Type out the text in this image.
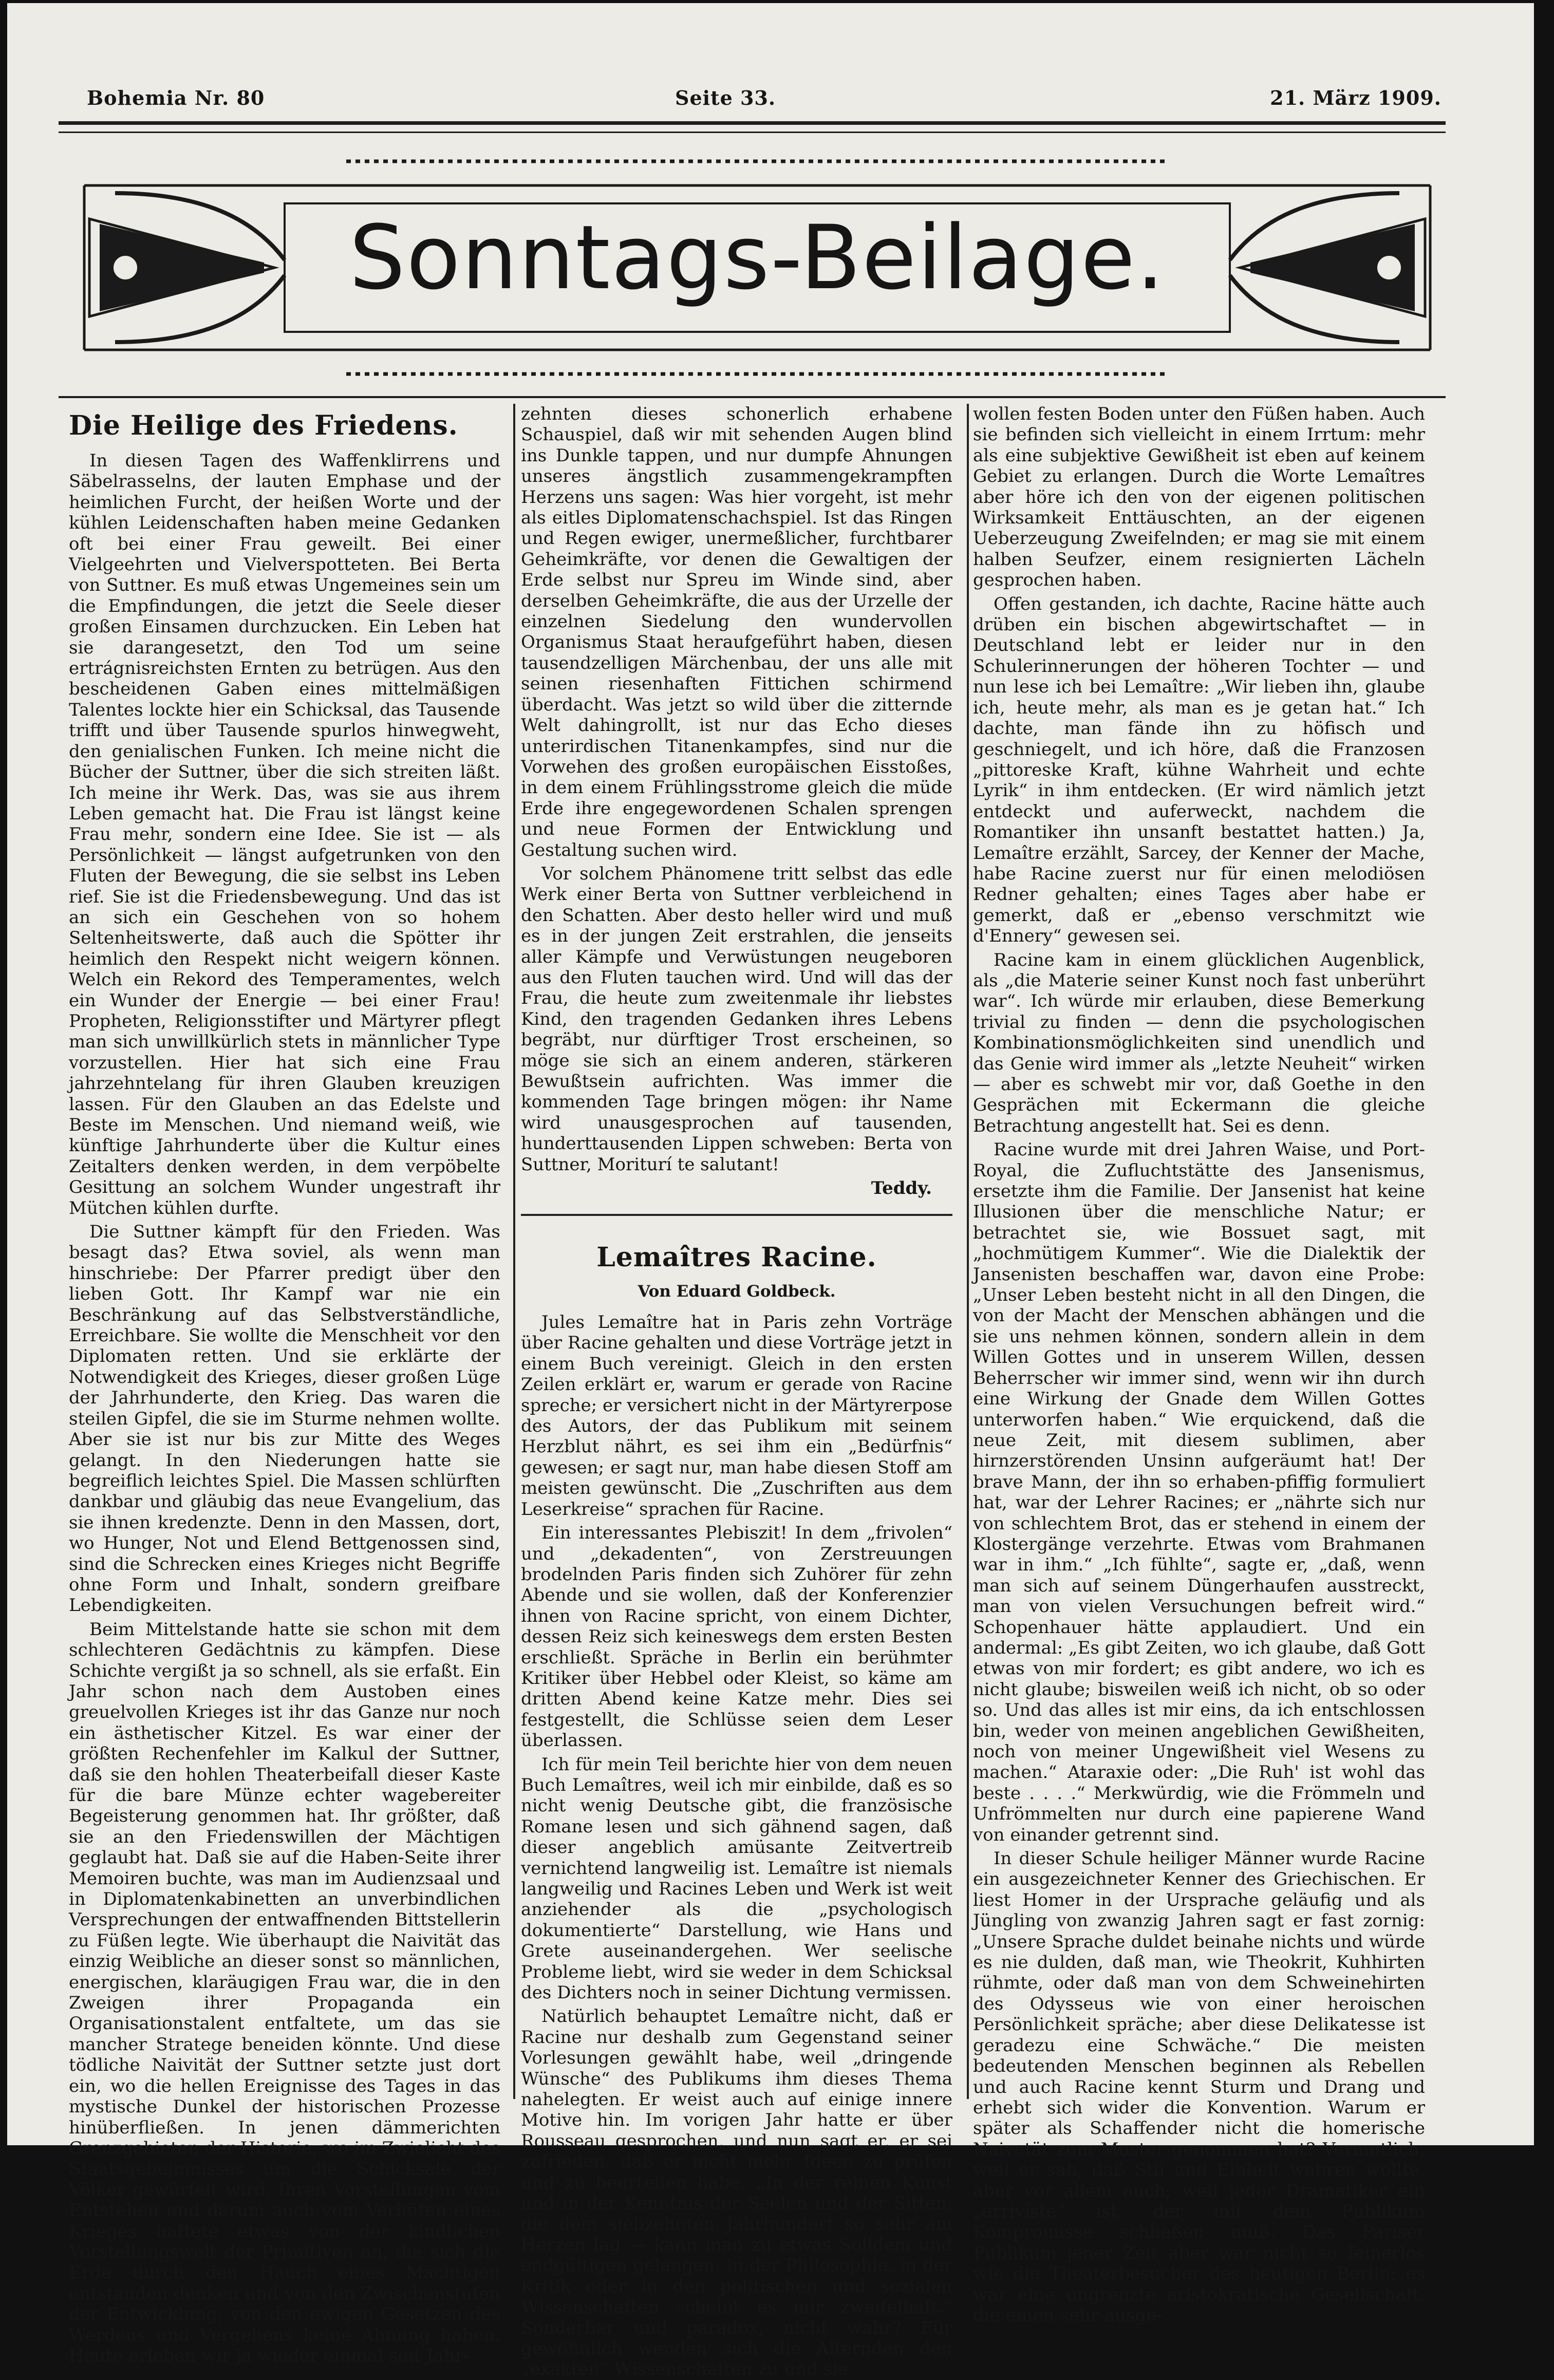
Bohemia Nr. 80	Seite 33.	21. März 1909.
Sonntags-Beilage.
Die Heilige des Friedens.

In diesen Tagen des Waffenklirrens und Säbelrasselns, der lauten Emphase und der heimlichen Furcht, der heißen Worte und der kühlen Leidenschaften haben meine Gedanken oft bei einer Frau geweilt. Bei einer Vielgeehrten und Vielverspotteten. Bei Berta von Suttner. Es muß etwas Ungemeines sein um die Empfindungen, die jetzt die Seele dieser großen Einsamen durchzucken. Ein Leben hat sie darangesetzt, den Tod um seine ertrágnisreichsten Ernten zu betrügen. Aus den bescheidenen Gaben eines mittelmäßigen Talentes lockte hier ein Schicksal, das Tausende trifft und über Tausende spurlos hinwegweht, den genialischen Funken. Ich meine nicht die Bücher der Suttner, über die sich streiten läßt. Ich meine ihr Werk. Das, was sie aus ihrem Leben gemacht hat. Die Frau ist längst keine Frau mehr, sondern eine Idee. Sie ist — als Persönlichkeit — längst aufgetrunken von den Fluten der Bewegung, die sie selbst ins Leben rief. Sie ist die Friedensbewegung. Und das ist an sich ein Geschehen von so hohem Seltenheitswerte, daß auch die Spötter ihr heimlich den Respekt nicht weigern können. Welch ein Rekord des Temperamentes, welch ein Wunder der Energie — bei einer Frau! Propheten, Religionsstifter und Märtyrer pflegt man sich unwillkürlich stets in männlicher Type vorzustellen. Hier hat sich eine Frau jahrzehntelang für ihren Glauben kreuzigen lassen. Für den Glauben an das Edelste und Beste im Menschen. Und niemand weiß, wie künftige Jahrhunderte über die Kultur eines Zeitalters denken werden, in dem verpöbelte Gesittung an solchem Wunder ungestraft ihr Mütchen kühlen durfte.

Die Suttner kämpft für den Frieden. Was besagt das? Etwa soviel, als wenn man hinschriebe: Der Pfarrer predigt über den lieben Gott. Ihr Kampf war nie ein Beschränkung auf das Selbstverständliche, Erreichbare. Sie wollte die Menschheit vor den Diplomaten retten. Und sie erklärte der Notwendigkeit des Krieges, dieser großen Lüge der Jahrhunderte, den Krieg. Das waren die steilen Gipfel, die sie im Sturme nehmen wollte. Aber sie ist nur bis zur Mitte des Weges gelangt. In den Niederungen hatte sie begreiflich leichtes Spiel. Die Massen schlürften dankbar und gläubig das neue Evangelium, das sie ihnen kredenzte. Denn in den Massen, dort, wo Hunger, Not und Elend Bettgenossen sind, sind die Schrecken eines Krieges nicht Begriffe ohne Form und Inhalt, sondern greifbare Lebendigkeiten.

Beim Mittelstande hatte sie schon mit dem schlechteren Gedächtnis zu kämpfen. Diese Schichte vergißt ja so schnell, als sie erfaßt. Ein Jahr schon nach dem Austoben eines greuelvollen Krieges ist ihr das Ganze nur noch ein ästhetischer Kitzel. Es war einer der größten Rechenfehler im Kalkul der Suttner, daß sie den hohlen Theaterbeifall dieser Kaste für die bare Münze echter wagebereiter Begeisterung genommen hat. Ihr größter, daß sie an den Friedenswillen der Mächtigen geglaubt hat. Daß sie auf die Haben-Seite ihrer Memoiren buchte, was man im Audienzsaal und in Diplomatenkabinetten an unverbindlichen Versprechungen der entwaffnenden Bittstellerin zu Füßen legte. Wie überhaupt die Naivität das einzig Weibliche an dieser sonst so männlichen, energischen, klaräugigen Frau war, die in den Zweigen ihrer Propaganda ein Organisationstalent entfaltete, um das sie mancher Stratege beneiden könnte. Und diese tödliche Naivität der Suttner setzte just dort ein, wo die hellen Ereignisse des Tages in das mystische Dunkel der historischen Prozesse hinüberfließen. In jenen dämmerichten Grenzgebieten der Historie, wo im Zwielicht des Staatsgeheimnisses um die Schicksale der Völker gewürfelt wird. Ihren Vorstellungen vom Entstehen und darum auch vom Verhüten eines Krieges haftete etwas von der kindlichen Vorstellungswelt der Primitiven an, die sich die Erde durch den Hauch eines Mächtigen entstanden denken und von den Zwischenstufen der Entwicklung, von den ewigen Gesetzen des Werdens und Vergehens keine Ahnung haben. Heute erleben wir ja wieder einmal seit Jahr-

zehnten dieses schonerlich erhabene Schauspiel, daß wir mit sehenden Augen blind ins Dunkle tappen, und nur dumpfe Ahnungen unseres ängstlich zusammengekrampften Herzens uns sagen: Was hier vorgeht, ist mehr als eitles Diplomatenschachspiel. Ist das Ringen und Regen ewiger, unermeßlicher, furchtbarer Geheimkräfte, vor denen die Gewaltigen der Erde selbst nur Spreu im Winde sind, aber derselben Geheimkräfte, die aus der Urzelle der einzelnen Siedelung den wundervollen Organismus Staat heraufgeführt haben, diesen tausendzelligen Märchenbau, der uns alle mit seinen riesenhaften Fittichen schirmend überdacht. Was jetzt so wild über die zitternde Welt dahingrollt, ist nur das Echo dieses unterirdischen Titanenkampfes, sind nur die Vorwehen des großen europäischen Eisstoßes, in dem einem Frühlingsstrome gleich die müde Erde ihre engegewordenen Schalen sprengen und neue Formen der Entwicklung und Gestaltung suchen wird.

Vor solchem Phänomene tritt selbst das edle Werk einer Berta von Suttner verbleichend in den Schatten. Aber desto heller wird und muß es in der jungen Zeit erstrahlen, die jenseits aller Kämpfe und Verwüstungen neugeboren aus den Fluten tauchen wird. Und will das der Frau, die heute zum zweitenmale ihr liebstes Kind, den tragenden Gedanken ihres Lebens begräbt, nur dürftiger Trost erscheinen, so möge sie sich an einem anderen, stärkeren Bewußtsein aufrichten. Was immer die kommenden Tage bringen mögen: ihr Name wird unausgesprochen auf tausenden, hunderttausenden Lippen schweben: Berta von Suttner, Moriturí te salutant!

Teddy.
Lemaîtres Racine.
Von Eduard Goldbeck.

Jules Lemaître hat in Paris zehn Vorträge über Racine gehalten und diese Vorträge jetzt in einem Buch vereinigt. Gleich in den ersten Zeilen erklärt er, warum er gerade von Racine spreche; er versichert nicht in der Märtyrerpose des Autors, der das Publikum mit seinem Herzblut nährt, es sei ihm ein „Bedürfnis“ gewesen; er sagt nur, man habe diesen Stoff am meisten gewünscht. Die „Zuschriften aus dem Leserkreise“ sprachen für Racine.

Ein interessantes Plebiszit! In dem „frivolen“ und „dekadenten“, von Zerstreuungen brodelnden Paris finden sich Zuhörer für zehn Abende und sie wollen, daß der Konferenzier ihnen von Racine spricht, von einem Dichter, dessen Reiz sich keineswegs dem ersten Besten erschließt. Spräche in Berlin ein berühmter Kritiker über Hebbel oder Kleist, so käme am dritten Abend keine Katze mehr. Dies sei festgestellt, die Schlüsse seien dem Leser überlassen.

Ich für mein Teil berichte hier von dem neuen Buch Lemaîtres, weil ich mir einbilde, daß es so nicht wenig Deutsche gibt, die französische Romane lesen und sich gähnend sagen, daß dieser angeblich amüsante Zeitvertreib vernichtend langweilig ist. Lemaître ist niemals langweilig und Racines Leben und Werk ist weit anziehender als die „psychologisch dokumentierte“ Darstellung, wie Hans und Grete auseinandergehen. Wer seelische Probleme liebt, wird sie weder in dem Schicksal des Dichters noch in seiner Dichtung vermissen.

Natürlich behauptet Lemaître nicht, daß er Racine nur deshalb zum Gegenstand seiner Vorlesungen gewählt habe, weil „dringende Wünsche“ des Publikums ihm dieses Thema nahelegten. Er weist auch auf einige innere Motive hin. Im vorigen Jahr hatte er über Rousseau gesprochen, und nun sagt er, er sei zufrieden, daß er nicht mehr Ideen zu prüfen und zu beurteilen habe. „In der reinen Kunst und in der Kenntnis der Seelen und der Sitten, die dem siebzehnten Jahrhundert so sehr am Herzen lag — kann man zu etwas Solidem und endgültigen gelangen; in der Philosophie, in der Kritik oder in den politischen und sozialen Wissenschaften scheint es mir zweifelhaft.“ Sonderbar und paradox, nicht wahr? Für gewöhnlich wenden sich die Alternden den „exakten“ Wissenschaften zu und sie

wollen festen Boden unter den Füßen haben. Auch sie befinden sich vielleicht in einem Irrtum: mehr als eine subjektive Gewißheit ist eben auf keinem Gebiet zu erlangen. Durch die Worte Lemaîtres aber höre ich den von der eigenen politischen Wirksamkeit Enttäuschten, an der eigenen Ueberzeugung Zweifelnden; er mag sie mit einem halben Seufzer, einem resignierten Lächeln gesprochen haben.

Offen gestanden, ich dachte, Racine hätte auch drüben ein bischen abgewirtschaftet — in Deutschland lebt er leider nur in den Schulerinnerungen der höheren Tochter — und nun lese ich bei Lemaître: „Wir lieben ihn, glaube ich, heute mehr, als man es je getan hat.“ Ich dachte, man fände ihn zu höfisch und geschniegelt, und ich höre, daß die Franzosen „pittoreske Kraft, kühne Wahrheit und echte Lyrik“ in ihm entdecken. (Er wird nämlich jetzt entdeckt und auferweckt, nachdem die Romantiker ihn unsanft bestattet hatten.) Ja, Lemaître erzählt, Sarcey, der Kenner der Mache, habe Racine zuerst nur für einen melodiösen Redner gehalten; eines Tages aber habe er gemerkt, daß er „ebenso verschmitzt wie d'Ennery“ gewesen sei.

Racine kam in einem glücklichen Augenblick, als „die Materie seiner Kunst noch fast unberührt war“. Ich würde mir erlauben, diese Bemerkung trivial zu finden — denn die psychologischen Kombinationsmöglichkeiten sind unendlich und das Genie wird immer als „letzte Neuheit“ wirken — aber es schwebt mir vor, daß Goethe in den Gesprächen mit Eckermann die gleiche Betrachtung angestellt hat. Sei es denn.

Racine wurde mit drei Jahren Waise, und Port-Royal, die Zufluchtstätte des Jansenismus, ersetzte ihm die Familie. Der Jansenist hat keine Illusionen über die menschliche Natur; er betrachtet sie, wie Bossuet sagt, mit „hochmütigem Kummer“. Wie die Dialektik der Jansenisten beschaffen war, davon eine Probe: „Unser Leben besteht nicht in all den Dingen, die von der Macht der Menschen abhängen und die sie uns nehmen können, sondern allein in dem Willen Gottes und in unserem Willen, dessen Beherrscher wir immer sind, wenn wir ihn durch eine Wirkung der Gnade dem Willen Gottes unterworfen haben.“ Wie erquickend, daß die neue Zeit, mit diesem sublimen, aber hirnzerstörenden Unsinn aufgeräumt hat! Der brave Mann, der ihn so erhaben-pfiffig formuliert hat, war der Lehrer Racines; er „nährte sich nur von schlechtem Brot, das er stehend in einem der Klostergänge verzehrte. Etwas vom Brahmanen war in ihm.“ „Ich fühlte“, sagte er, „daß, wenn man sich auf seinem Düngerhaufen ausstreckt, man von vielen Versuchungen befreit wird.“ Schopenhauer hätte applaudiert. Und ein andermal: „Es gibt Zeiten, wo ich glaube, daß Gott etwas von mir fordert; es gibt andere, wo ich es nicht glaube; bisweilen weiß ich nicht, ob so oder so. Und das alles ist mir eins, da ich entschlossen bin, weder von meinen angeblichen Gewißheiten, noch von meiner Ungewißheit viel Wesens zu machen.“ Ataraxie oder: „Die Ruh' ist wohl das beste . . . .“ Merkwürdig, wie die Frömmeln und Unfrömmelten nur durch eine papierene Wand von einander getrennt sind.

In dieser Schule heiliger Männer wurde Racine ein ausgezeichneter Kenner des Griechischen. Er liest Homer in der Ursprache geläufig und als Jüngling von zwanzig Jahren sagt er fast zornig: „Unsere Sprache duldet beinahe nichts und würde es nie dulden, daß man, wie Theokrit, Kuhhirten rühmte, oder daß man von dem Schweinehirten des Odysseus wie von einer heroischen Persönlichkeit spräche; aber diese Delikatesse ist geradezu eine Schwäche.“ Die meisten bedeutenden Menschen beginnen als Rebellen und auch Racine kennt Sturm und Drang und erhebt sich wider die Konvention. Warum er später als Schaffender nicht die homerische Naivetät zum Muster genommen hat? Vermutlich, weil er sah, daß Stil und Einheit wahren wollte, aber vor allem auch, weil jeder Dramatiker ein „arrivîste“ ist, der mit dem Publikum Kompromisse schließen muß. Das Pariser Publikum jener Zeit aber war nicht so feinerlos wie die Theaterbesucher des heutigen Berlin: es war eine ungrenzte aristokratische Gesellschaft, die einen sehr ausge-
